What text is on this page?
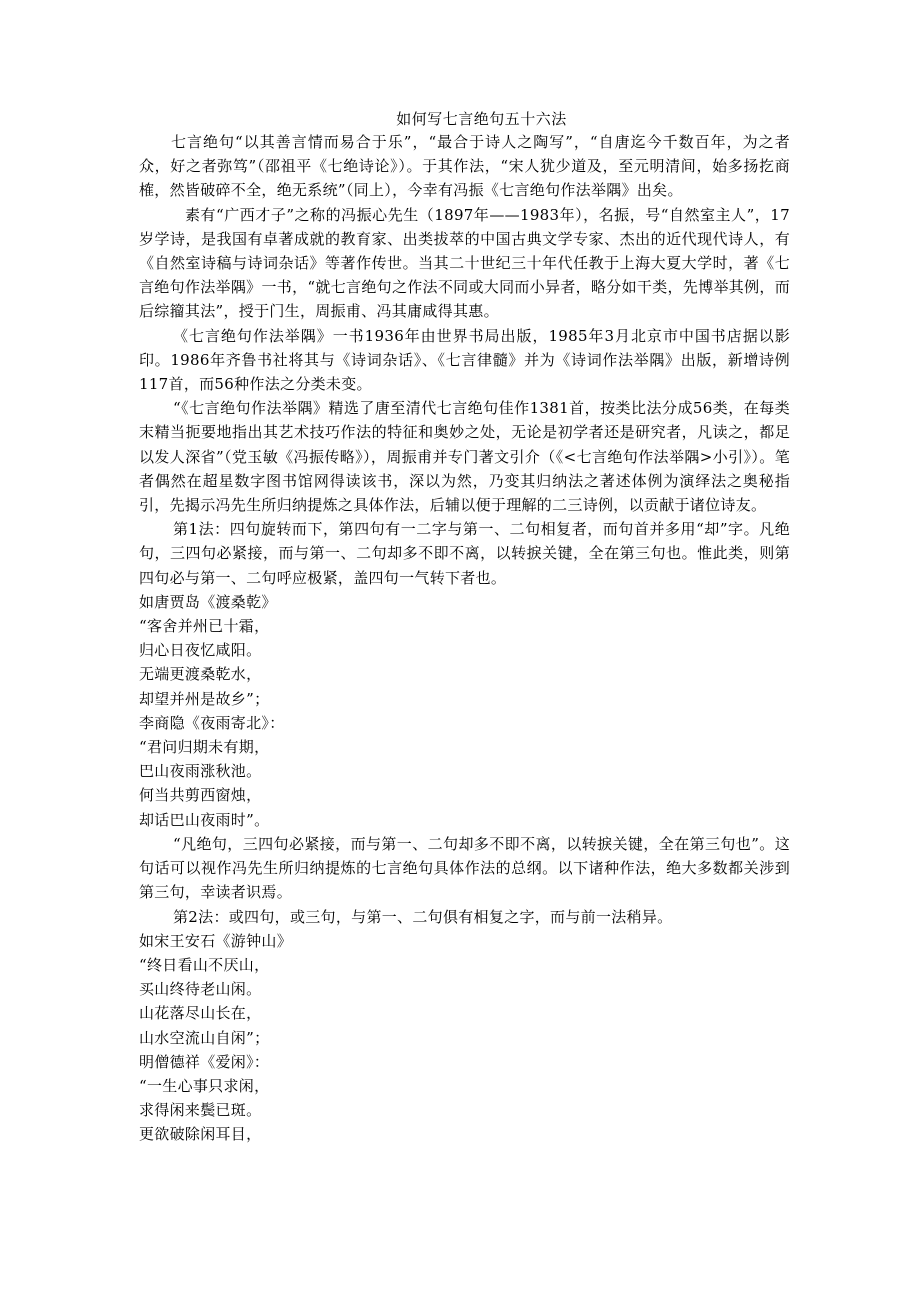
如何写七言绝句五十六法

七言绝句“以其善言情而易合于乐”，“最合于诗人之陶写”，“自唐迄今千数百年，为之者众，好之者弥笃”（邵祖平《七绝诗论》）。于其作法，“宋人犹少道及，至元明清间，始多扬扢商榷，然皆破碎不全，绝无系统”（同上），今幸有冯振《七言绝句作法举隅》出矣。

素有“广西才子”之称的冯振心先生（1897年——1983年），名振，号“自然室主人”，17岁学诗，是我国有卓著成就的教育家、出类拔萃的中国古典文学专家、杰出的近代现代诗人，有《自然室诗稿与诗词杂话》等著作传世。当其二十世纪三十年代任教于上海大夏大学时，著《七言绝句作法举隅》一书，“就七言绝句之作法不同或大同而小异者，略分如干类，先博举其例，而后综籀其法”，授于门生，周振甫、冯其庸咸得其惠。

《七言绝句作法举隅》一书1936年由世界书局出版，1985年3月北京市中国书店据以影印。1986年齐鲁书社将其与《诗词杂话》、《七言律髓》并为《诗词作法举隅》出版，新增诗例117首，而56种作法之分类未变。

“《七言绝句作法举隅》精选了唐至清代七言绝句佳作1381首，按类比法分成56类，在每类末精当扼要地指出其艺术技巧作法的特征和奥妙之处，无论是初学者还是研究者，凡读之，都足以发人深省”（党玉敏《冯振传略》），周振甫并专门著文引介（《<七言绝句作法举隅>小引》）。笔者偶然在超星数字图书馆网得读该书，深以为然，乃变其归纳法之著述体例为演绎法之奥秘指引，先揭示冯先生所归纳提炼之具体作法，后辅以便于理解的二三诗例，以贡献于诸位诗友。

第1法：四句旋转而下，第四句有一二字与第一、二句相复者，而句首并多用“却”字。凡绝句，三四句必紧接，而与第一、二句却多不即不离，以转捩关键，全在第三句也。惟此类，则第四句必与第一、二句呼应极紧，盖四句一气转下者也。

如唐贾岛《渡桑乾》

“客舍并州已十霜，

归心日夜忆咸阳。

无端更渡桑乾水，

却望并州是故乡”；

李商隐《夜雨寄北》：

“君问归期未有期，

巴山夜雨涨秋池。

何当共剪西窗烛，

却话巴山夜雨时”。

“凡绝句，三四句必紧接，而与第一、二句却多不即不离，以转捩关键，全在第三句也”。这句话可以视作冯先生所归纳提炼的七言绝句具体作法的总纲。以下诸种作法，绝大多数都关涉到第三句，幸读者识焉。

第2法：或四句，或三句，与第一、二句俱有相复之字，而与前一法稍异。

如宋王安石《游钟山》

“终日看山不厌山，

买山终待老山闲。

山花落尽山长在，

山水空流山自闲”；

明僧德祥《爱闲》：

“一生心事只求闲，

求得闲来鬓已斑。

更欲破除闲耳目，
